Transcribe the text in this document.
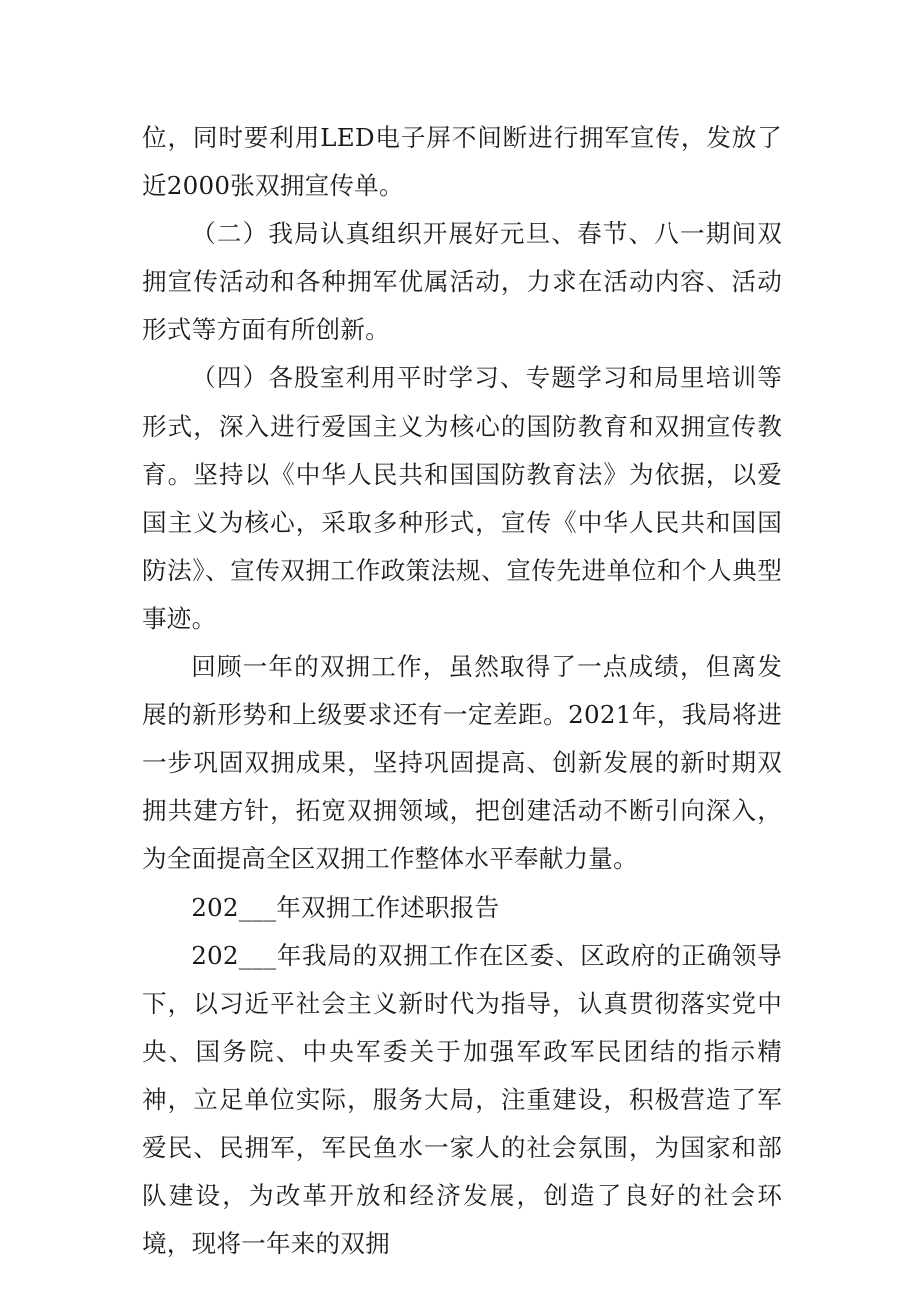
位，同时要利用LED电子屏不间断进行拥军宣传，发放了近2000张双拥宣传单。

（二）我局认真组织开展好元旦、春节、八一期间双拥宣传活动和各种拥军优属活动，力求在活动内容、活动形式等方面有所创新。

（四）各股室利用平时学习、专题学习和局里培训等形式，深入进行爱国主义为核心的国防教育和双拥宣传教育。坚持以《中华人民共和国国防教育法》为依据，以爱国主义为核心，采取多种形式，宣传《中华人民共和国国防法》、宣传双拥工作政策法规、宣传先进单位和个人典型事迹。

回顾一年的双拥工作，虽然取得了一点成绩，但离发展的新形势和上级要求还有一定差距。2021年，我局将进一步巩固双拥成果，坚持巩固提高、创新发展的新时期双拥共建方针，拓宽双拥领域，把创建活动不断引向深入，为全面提高全区双拥工作整体水平奉献力量。

202___年双拥工作述职报告

202___年我局的双拥工作在区委、区政府的正确领导下，以习近平社会主义新时代为指导，认真贯彻落实党中央、国务院、中央军委关于加强军政军民团结的指示精神，立足单位实际，服务大局，注重建设，积极营造了军爱民、民拥军，军民鱼水一家人的社会氛围，为国家和部队建设，为改革开放和经济发展，创造了良好的社会环境，现将一年来的双拥
